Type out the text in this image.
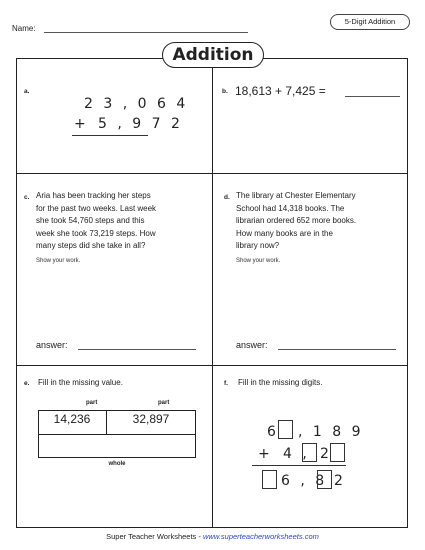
Name:
5-Digit Addition
Addition
a.
2 3 , 0 6 4
+ 5 , 9 7 2
b. 18,613 + 7,425 =
c. Aria has been tracking her steps
for the past two weeks. Last week
she took 54,760 steps and this
week she took 73,219 steps. How
many steps did she take in all?
Show your work.
answer:
d. The library at Chester Elementary
School had 14,318 books. The
librarian ordered 652 more books.
How many books are in the
library now?
Show your work.
answer:
e. Fill in the missing value.
part	part
14,236	32,897
whole
f. Fill in the missing digits.
6 , 1 8 9
+ 4 , 2
6 , 8 2
Super Teacher Worksheets - www.superteacherworksheets.com
